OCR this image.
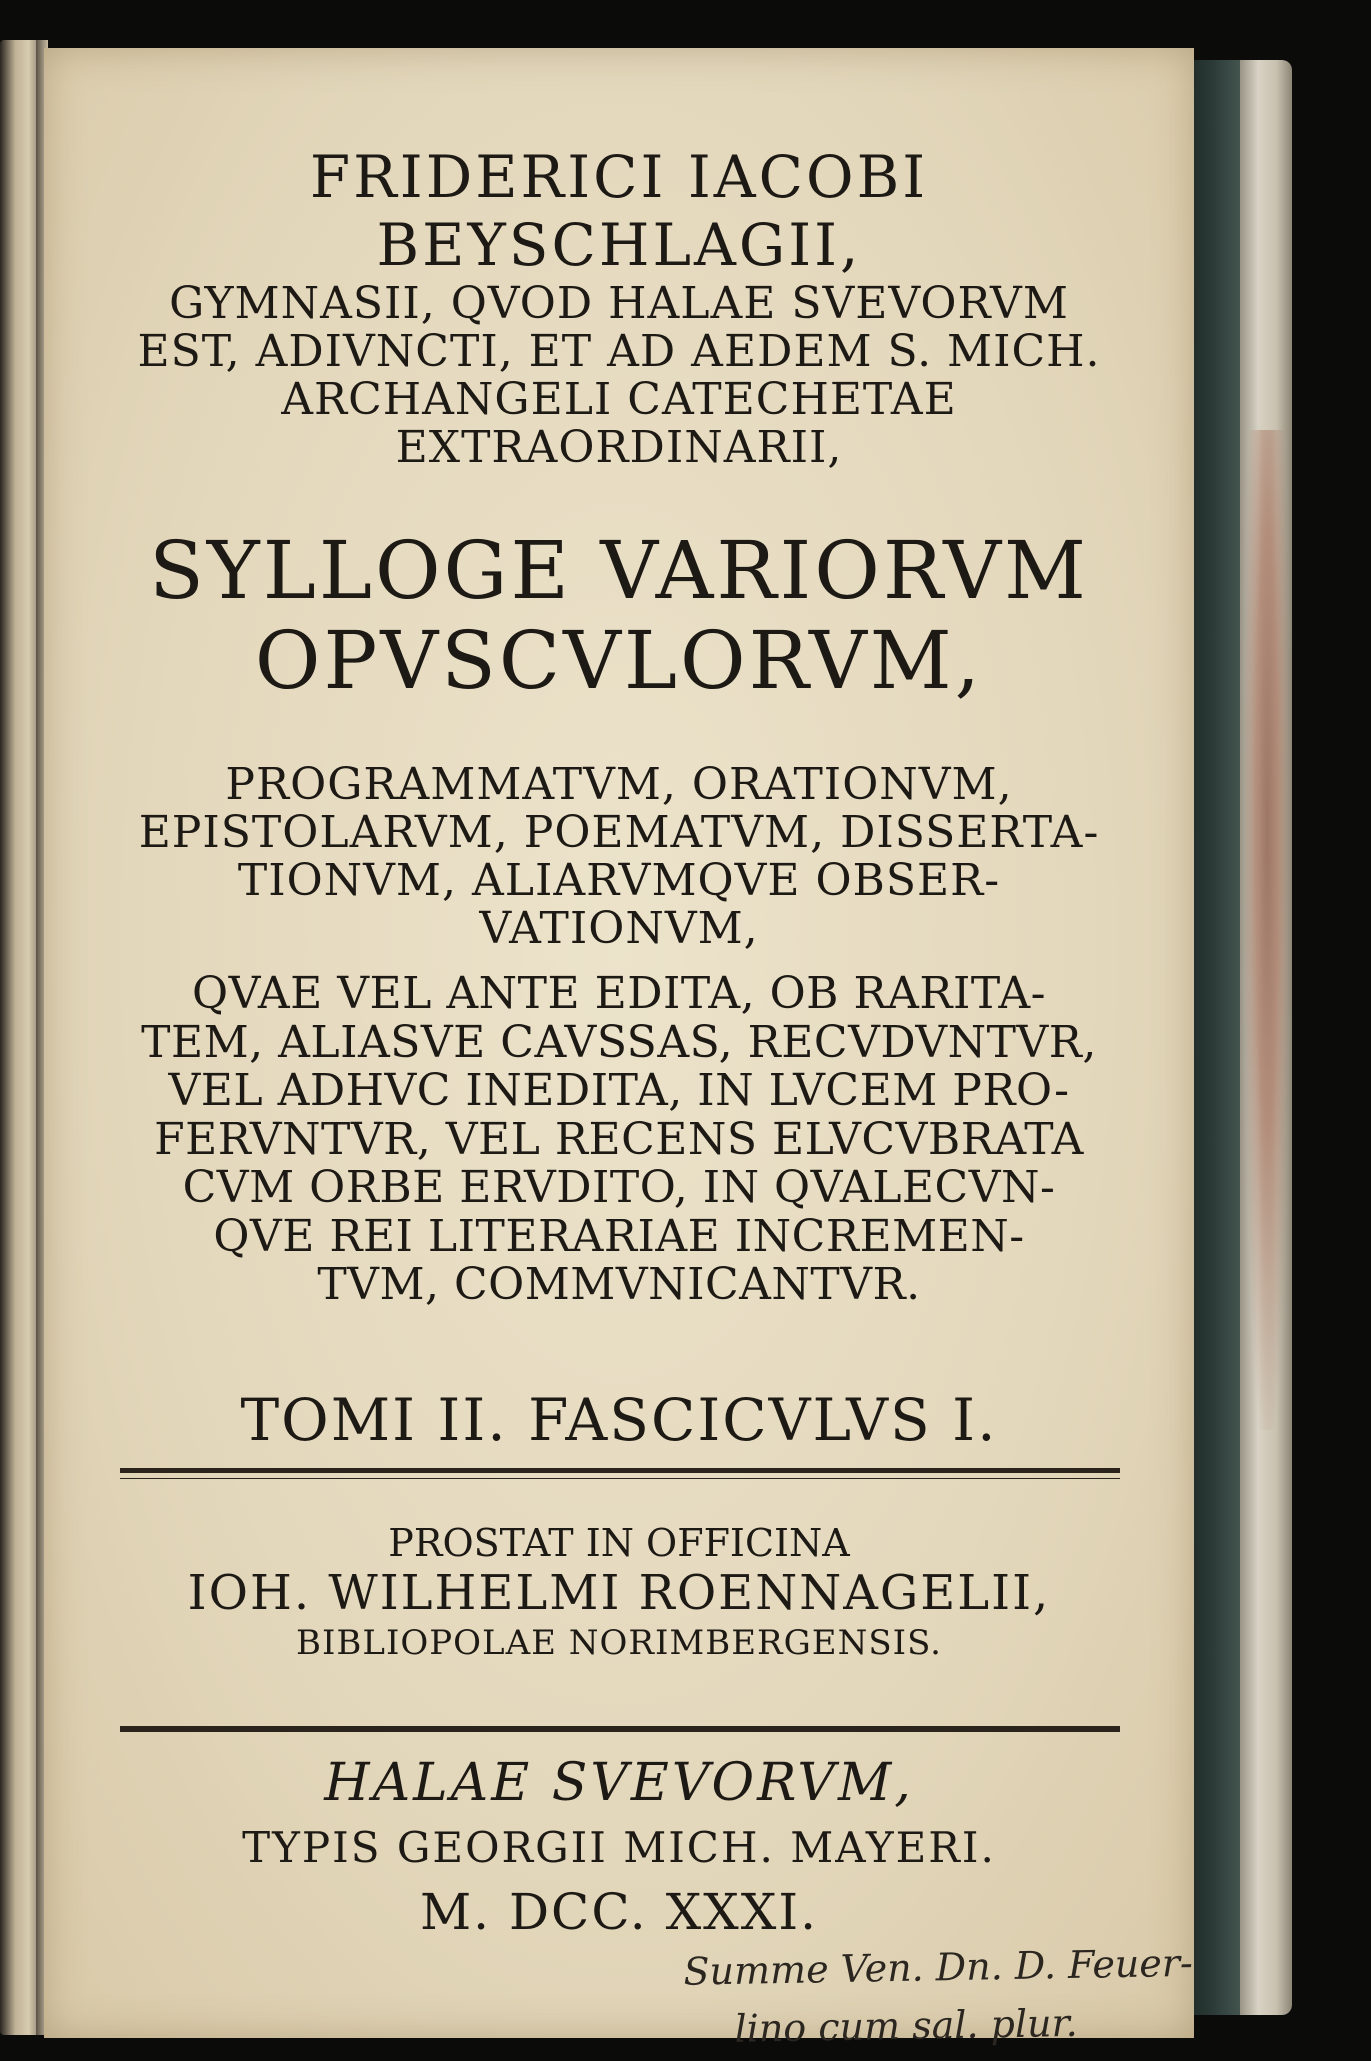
FRIDERICI IACOBI
BEYSCHLAGII,
GYMNASII, QVOD HALAE SVEVORVM
EST, ADIVNCTI, ET AD AEDEM S. MICH.
ARCHANGELI CATECHETAE
EXTRAORDINARII,
SYLLOGE VARIORVM
OPVSCVLORVM,
PROGRAMMATVM, ORATIONVM,
EPISTOLARVM, POEMATVM, DISSERTA-
TIONVM, ALIARVMQVE OBSER-
VATIONVM,
QVAE VEL ANTE EDITA, OB RARITA-
TEM, ALIASVE CAVSSAS, RECVDVNTVR,
VEL ADHVC INEDITA, IN LVCEM PRO-
FERVNTVR, VEL RECENS ELVCVBRATA
CVM ORBE ERVDITO, IN QVALECVN-
QVE REI LITERARIAE INCREMEN-
TVM, COMMVNICANTVR.
TOMI II. FASCICVLVS I.
PROSTAT IN OFFICINA
IOH. WILHELMI ROENNAGELII,
BIBLIOPOLAE NORIMBERGENSIS.
HALAE SVEVORVM,
TYPIS GEORGII MICH. MAYERI.
M. DCC. XXXI.
Summe Ven. Dn. D. Feuer-
lino cum sal. plur.
